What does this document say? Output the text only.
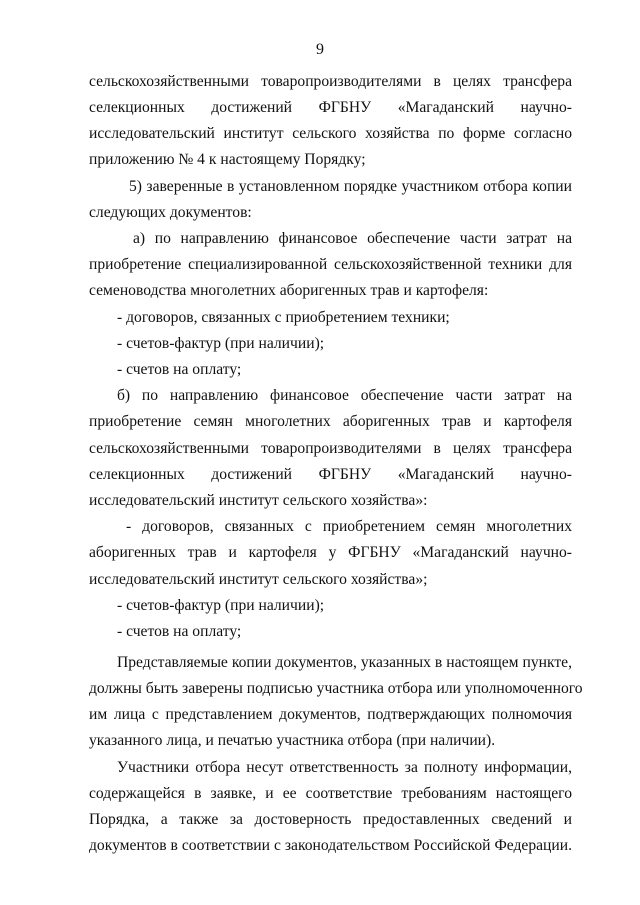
9
сельскохозяйственными товаропроизводителями в целях трансфера
селекционных достижений ФГБНУ «Магаданский научно-
исследовательский институт сельского хозяйства по форме согласно
приложению № 4 к настоящему Порядку;
5) заверенные в установленном порядке участником отбора копии
следующих документов:
а) по направлению финансовое обеспечение части затрат на
приобретение специализированной сельскохозяйственной техники для
семеноводства многолетних аборигенных трав и картофеля:
- договоров, связанных с приобретением техники;
- счетов-фактур (при наличии);
- счетов на оплату;
б) по направлению финансовое обеспечение части затрат на
приобретение семян многолетних аборигенных трав и картофеля
сельскохозяйственными товаропроизводителями в целях трансфера
селекционных достижений ФГБНУ «Магаданский научно-
исследовательский институт сельского хозяйства»:
- договоров, связанных с приобретением семян многолетних
аборигенных трав и картофеля у ФГБНУ «Магаданский научно-
исследовательский институт сельского хозяйства»;
- счетов-фактур (при наличии);
- счетов на оплату;
Представляемые копии документов, указанных в настоящем пункте,
должны быть заверены подписью участника отбора или уполномоченного
им лица с представлением документов, подтверждающих полномочия
указанного лица, и печатью участника отбора (при наличии).
Участники отбора несут ответственность за полноту информации,
содержащейся в заявке, и ее соответствие требованиям настоящего
Порядка, а также за достоверность предоставленных сведений и
документов в соответствии с законодательством Российской Федерации.
